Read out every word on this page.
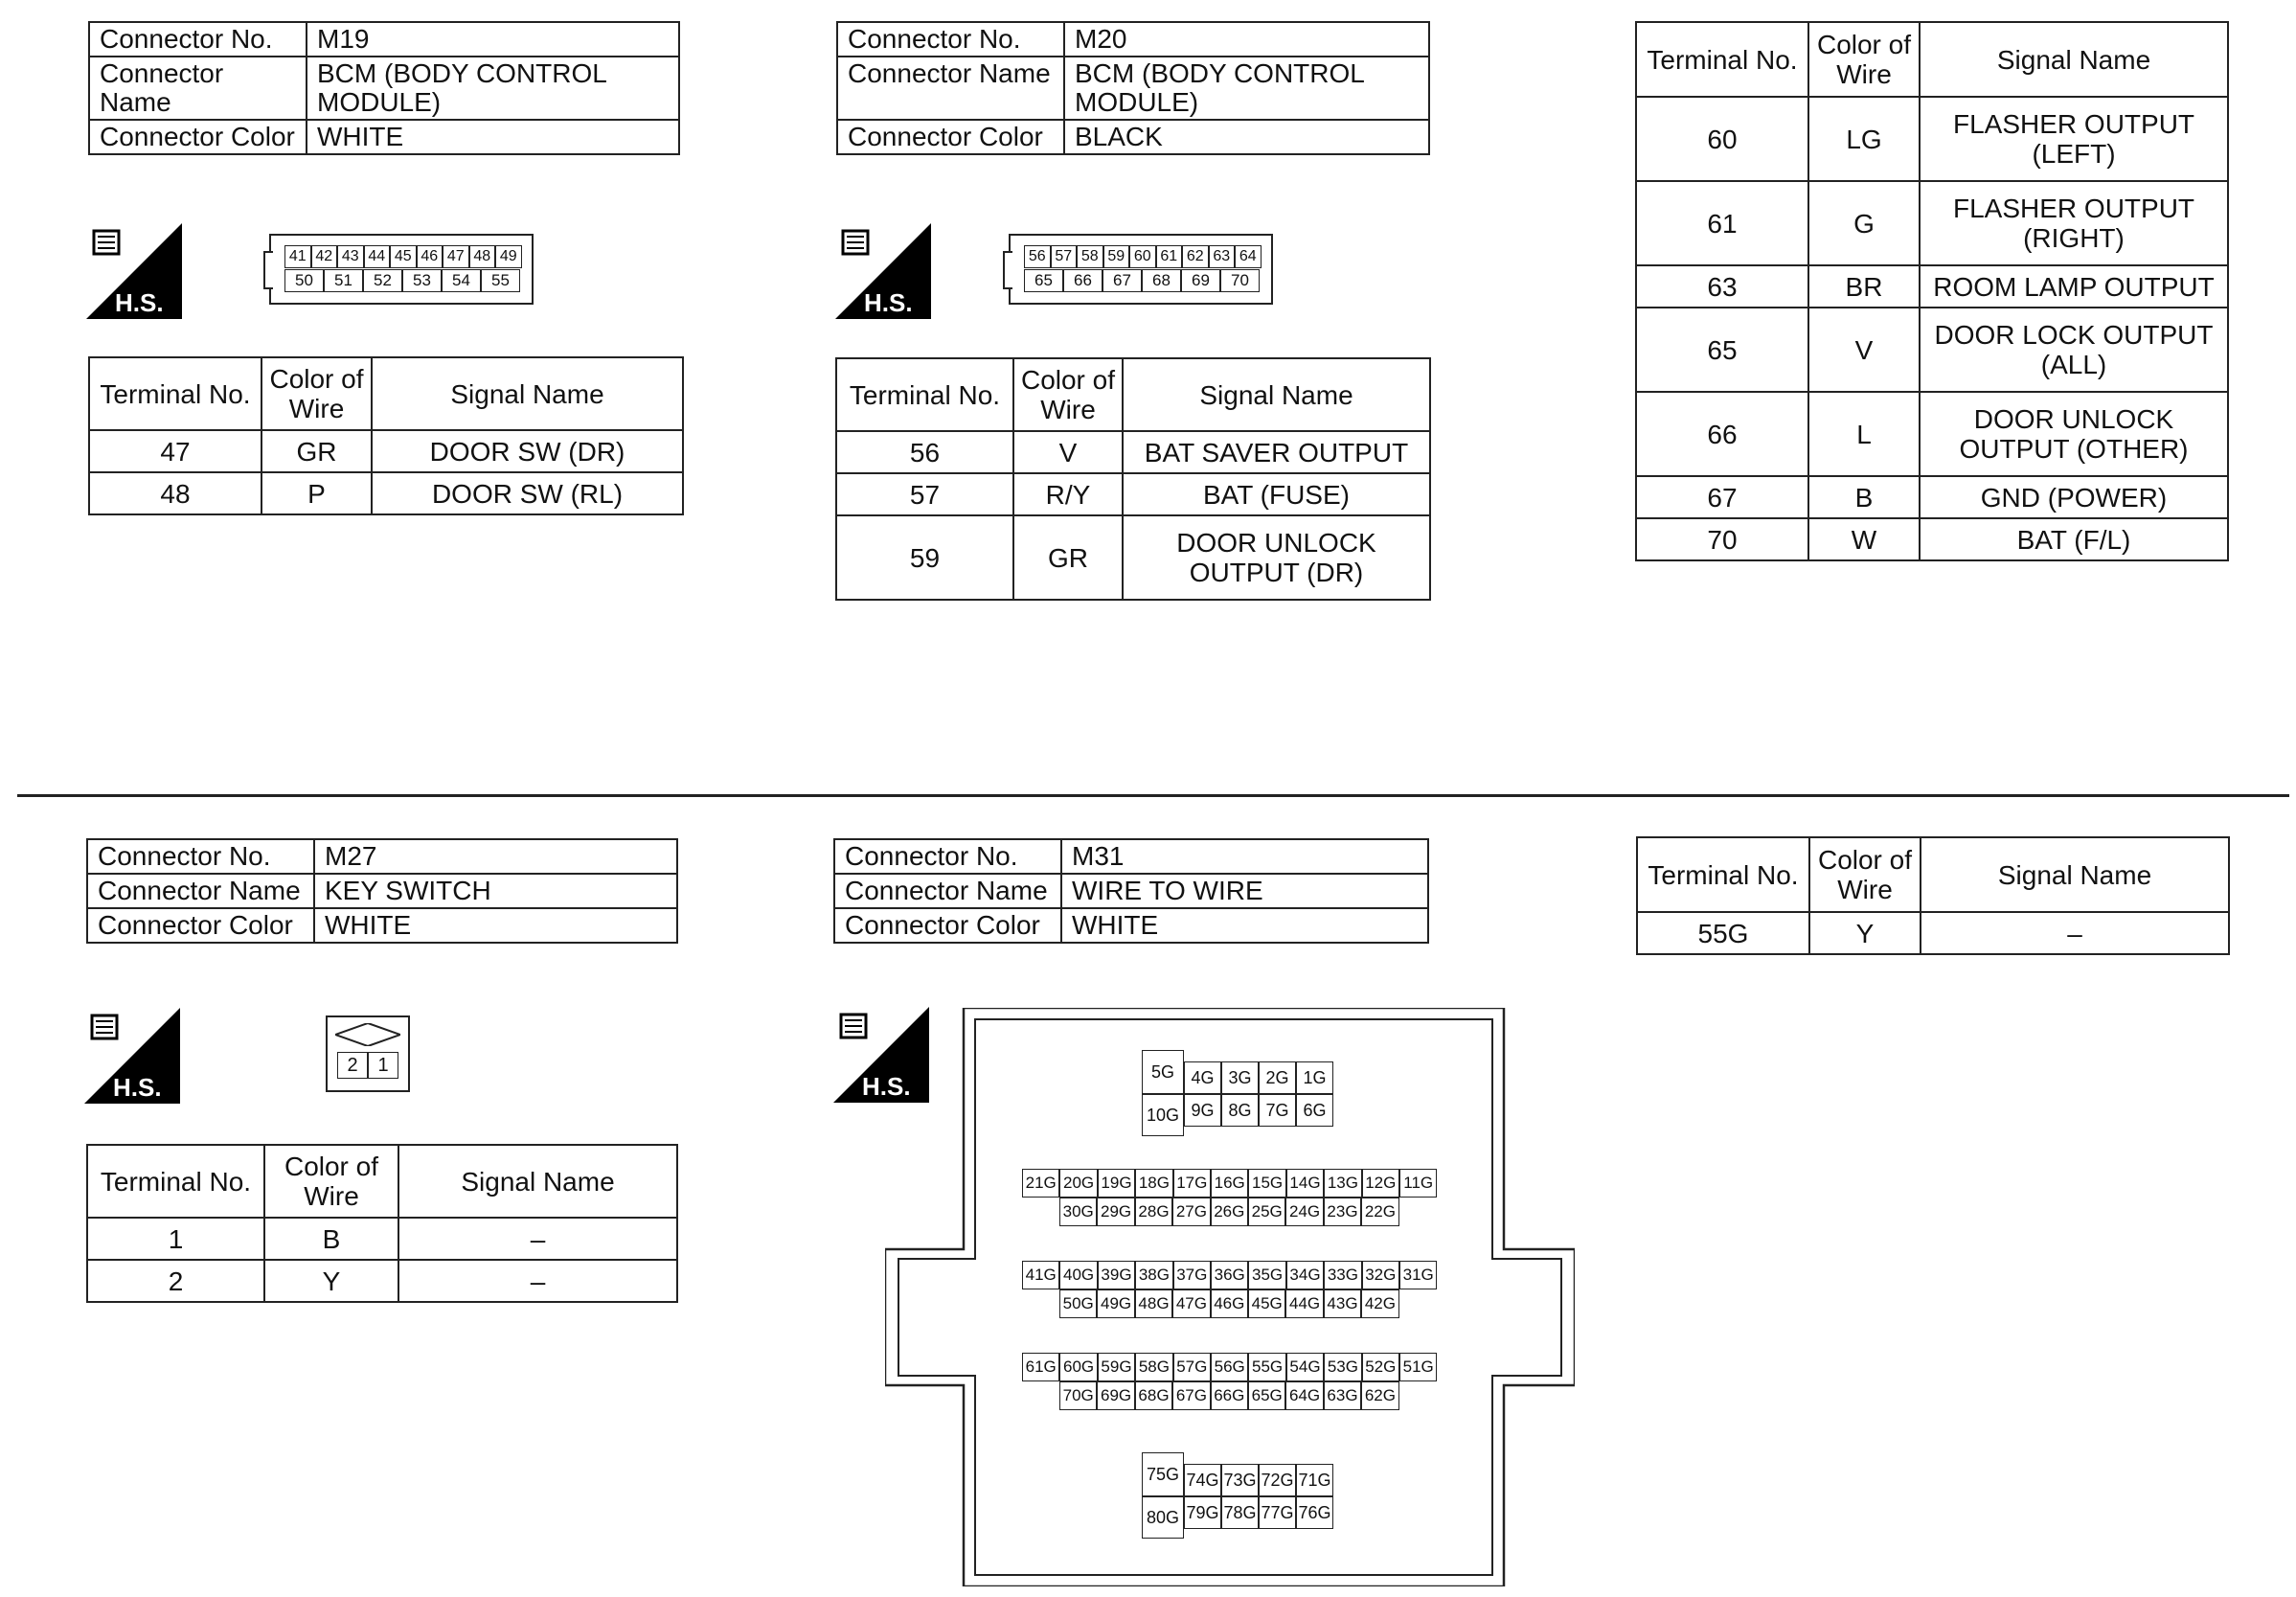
Connector No.	M19
Connector Name	BCM (BODY CONTROL MODULE)
Connector Color	WHITE
H.S.
41 42 43 44 45 46 47 48 49
50	51	52	53	54	55
Terminal No.	Color of Wire	Signal Name
47	GR	DOOR SW (DR)
48	P	DOOR SW (RL)
Connector No.	M20
Connector Name	BCM (BODY CONTROL MODULE)
Connector Color	BLACK
H.S.
56 57 58 59 60 61 62 63 64
65	66	67	68	69	70
Terminal No.	Color of Wire	Signal Name
56	V	BAT SAVER OUTPUT
57	R/Y	BAT (FUSE)
59	GR	DOOR UNLOCK OUTPUT (DR)
Terminal No.	Color of Wire	Signal Name
60	LG	FLASHER OUTPUT (LEFT)
61	G	FLASHER OUTPUT (RIGHT)
63	BR	ROOM LAMP OUTPUT
65	V	DOOR LOCK OUTPUT (ALL)
66	L	DOOR UNLOCK OUTPUT (OTHER)
67	B	GND (POWER)
70	W	BAT (F/L)
Connector No.	M27
Connector Name	KEY SWITCH
Connector Color	WHITE
H.S.
2	1
Terminal No.	Color of Wire	Signal Name
1	B	–
2	Y	–
Connector No.	M31
Connector Name	WIRE TO WIRE
Connector Color	WHITE
H.S.	5G
10G
4G 3G 2G 1G
9G 8G 7G 6G
21G 20G 19G 18G 17G 16G 15G 14G 13G 12G 11G
30G 29G 28G 27G 26G 25G 24G 23G 22G
41G 40G 39G 38G 37G 36G 35G 34G 33G 32G 31G
50G 49G 48G 47G 46G 45G 44G 43G 42G
61G 60G 59G 58G 57G 56G 55G 54G 53G 52G 51G
70G 69G 68G 67G 66G 65G 64G 63G 62G
75G
80G
74G 73G 72G 71G
79G 78G 77G 76G
Terminal No.	Color of Wire	Signal Name
55G	Y	–
